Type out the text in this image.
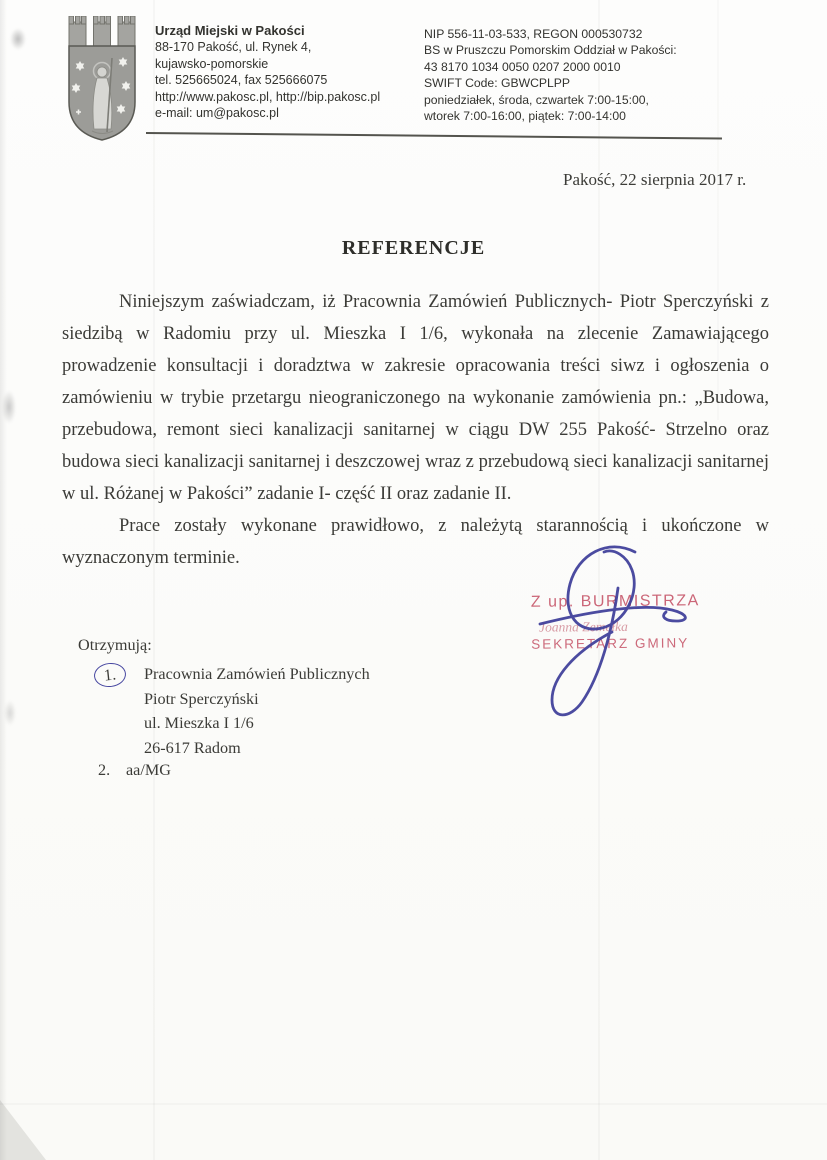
Urząd Miejski w Pakości
88-170 Pakość, ul. Rynek 4,
kujawsko-pomorskie
tel. 525665024, fax 525666075
http://www.pakosc.pl, http://bip.pakosc.pl
e-mail: um@pakosc.pl
NIP 556-11-03-533, REGON 000530732
BS w Pruszczu Pomorskim Oddział w Pakości:
43 8170 1034 0050 0207 2000 0010
SWIFT Code: GBWCPLPP
poniedziałek, środa, czwartek 7:00-15:00,
wtorek 7:00-16:00, piątek: 7:00-14:00
Pakość, 22 sierpnia 2017 r.
REFERENCJE

Niniejszym zaświadczam, iż Pracownia Zamówień Publicznych- Piotr Sperczyński z siedzibą w Radomiu przy ul. Mieszka I 1/6, wykonała na zlecenie Zamawiającego prowadzenie konsultacji i doradztwa w zakresie opracowania treści siwz i ogłoszenia o zamówieniu w trybie przetargu nieograniczonego na wykonanie zamówienia pn.: „Budowa, przebudowa, remont sieci kanalizacji sanitarnej w ciągu DW 255 Pakość- Strzelno oraz budowa sieci kanalizacji sanitarnej i deszczowej wraz z przebudową sieci kanalizacji sanitarnej w ul. Różanej w Pakości” zadanie I- część II oraz zadanie II.

Prace zostały wykonane prawidłowo, z należytą starannością i ukończone w wyznaczonym terminie.

Z up. BURMISTRZA
Joanna Zemełka
SEKRETARZ GMINY
Otrzymują:
1.	Pracownia Zamówień Publicznych
Piotr Sperczyński
ul. Mieszka I 1/6
26-617 Radom
2. aa/MG
